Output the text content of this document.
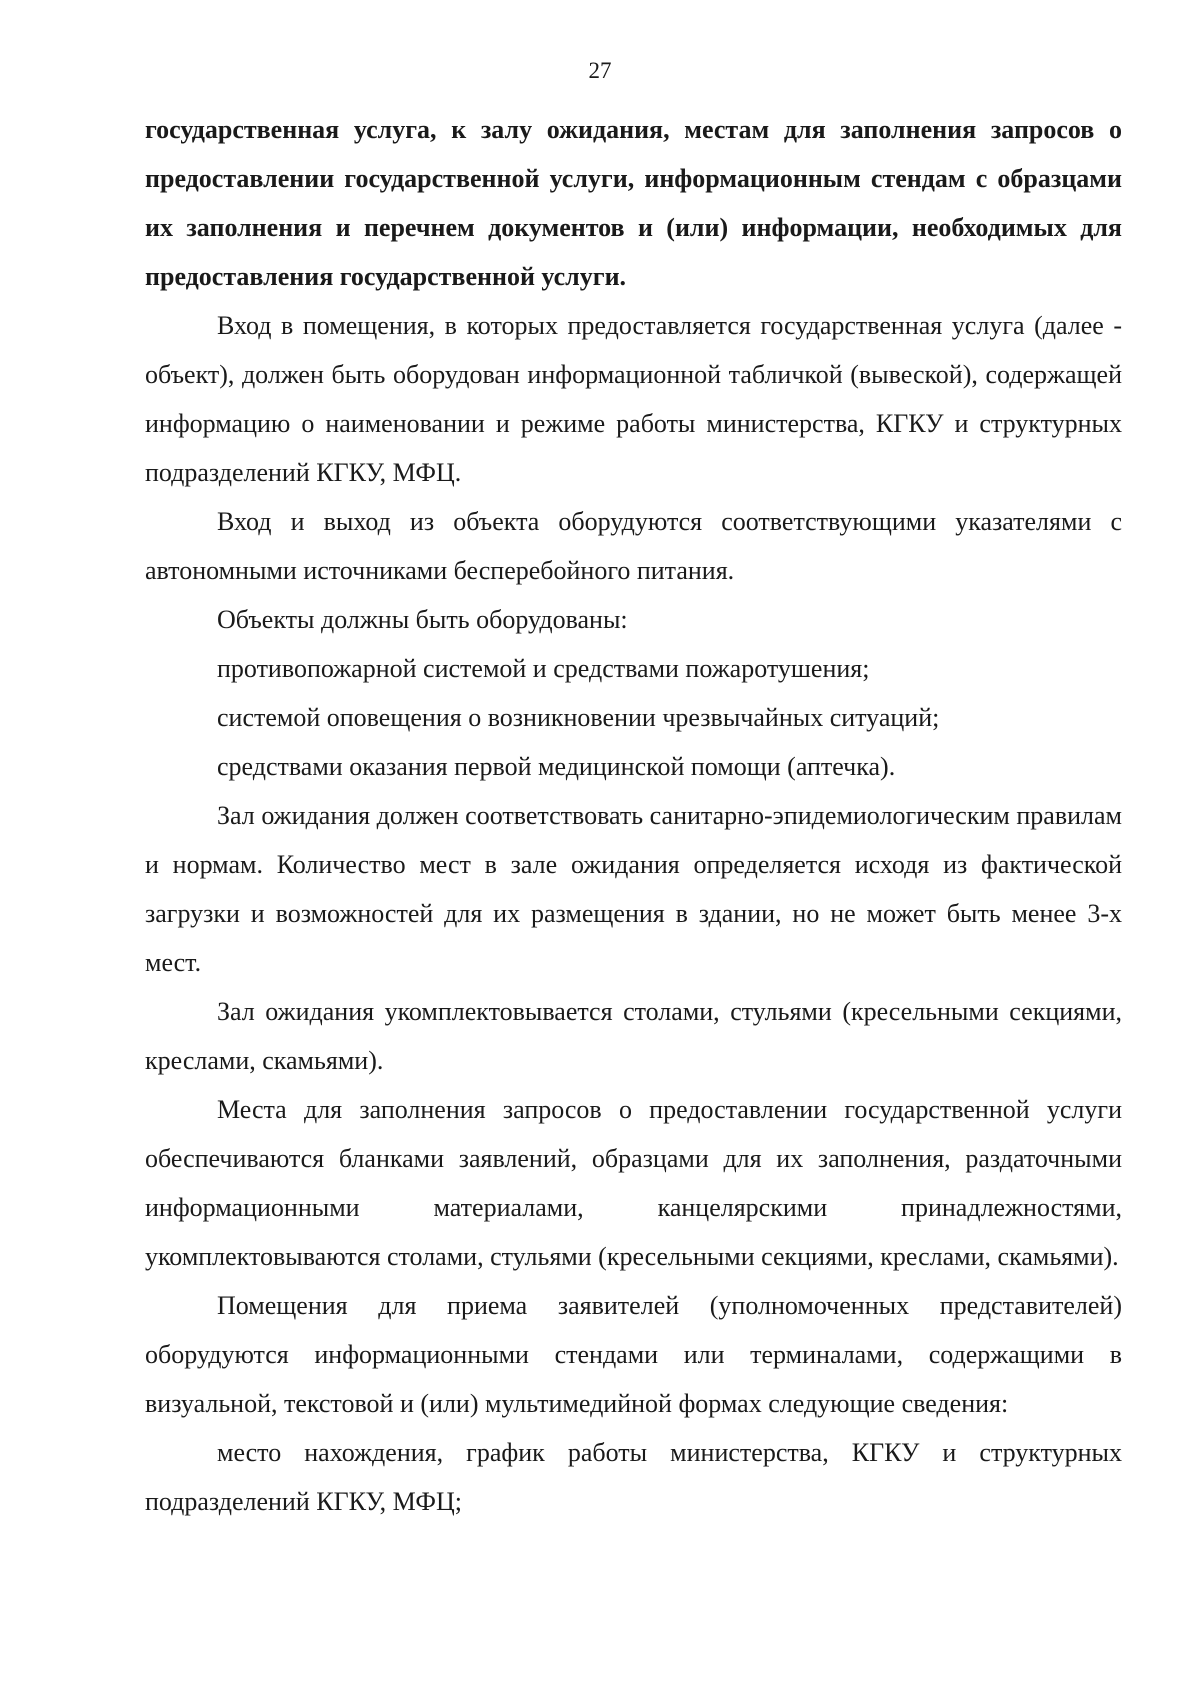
27

государственная услуга, к залу ожидания, местам для заполнения запросов о предоставлении государственной услуги, информационным стендам с образцами их заполнения и перечнем документов и (или) информации, необходимых для предоставления государственной услуги.

Вход в помещения, в которых предоставляется государственная услуга (далее - объект), должен быть оборудован информационной табличкой (вывеской), содержащей информацию о наименовании и режиме работы министерства, КГКУ и структурных подразделений КГКУ, МФЦ.

Вход и выход из объекта оборудуются соответствующими указателями с автономными источниками бесперебойного питания.

Объекты должны быть оборудованы:

противопожарной системой и средствами пожаротушения;

системой оповещения о возникновении чрезвычайных ситуаций;

средствами оказания первой медицинской помощи (аптечка).

Зал ожидания должен соответствовать санитарно-эпидемиологическим правилам и нормам. Количество мест в зале ожидания определяется исходя из фактической загрузки и возможностей для их размещения в здании, но не может быть менее 3-х мест.

Зал ожидания укомплектовывается столами, стульями (кресельными секциями, креслами, скамьями).

Места для заполнения запросов о предоставлении государственной услуги обеспечиваются бланками заявлений, образцами для их заполнения, раздаточными информационными материалами, канцелярскими принадлежностями, укомплектовываются столами, стульями (кресельными секциями, креслами, скамьями).

Помещения для приема заявителей (уполномоченных представителей) оборудуются информационными стендами или терминалами, содержащими в визуальной, текстовой и (или) мультимедийной формах следующие сведения:

место нахождения, график работы министерства, КГКУ и структурных подразделений КГКУ, МФЦ;
